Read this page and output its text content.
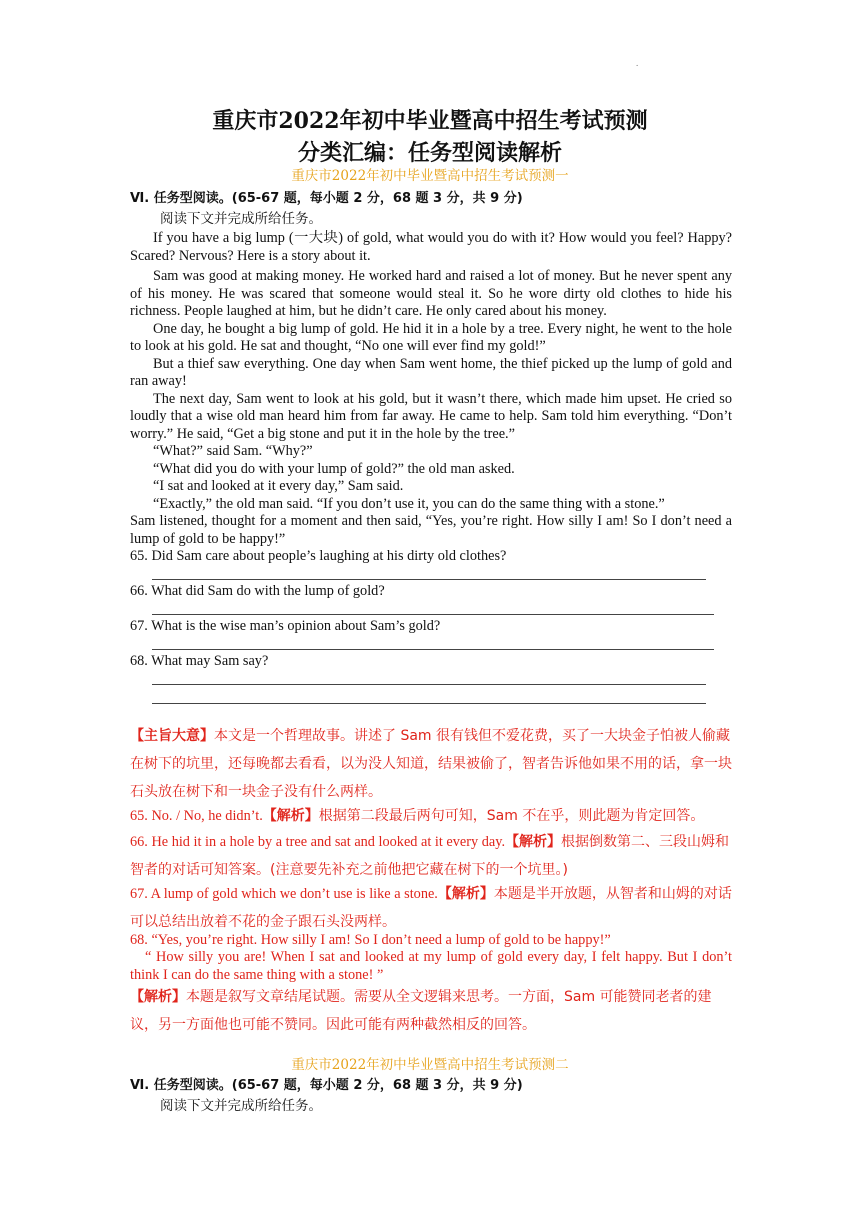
.
重庆市2022年初中毕业暨高中招生考试预测
分类汇编：任务型阅读解析
重庆市2022年初中毕业暨高中招生考试预测一
Ⅵ. 任务型阅读。(65-67 题，每小题 2 分，68 题 3 分，共 9 分)
阅读下文并完成所给任务。

If you have a big lump (一大块) of gold, what would you do with it? How would you feel? Happy? Scared? Nervous? Here is a story about it.

Sam was good at making money. He worked hard and raised a lot of money. But he never spent any of his money. He was scared that someone would steal it. So he wore dirty old clothes to hide his richness. People laughed at him, but he didn’t care. He only cared about his money.

One day, he bought a big lump of gold. He hid it in a hole by a tree. Every night, he went to the hole to look at his gold. He sat and thought, “No one will ever find my gold!”

But a thief saw everything. One day when Sam went home, the thief picked up the lump of gold and ran away!

The next day, Sam went to look at his gold, but it wasn’t there, which made him upset. He cried so loudly that a wise old man heard him from far away. He came to help. Sam told him everything. “Don’t worry.” He said, “Get a big stone and put it in the hole by the tree.”

“What?” said Sam. “Why?”

“What did you do with your lump of gold?” the old man asked.

“I sat and looked at it every day,” Sam said.

“Exactly,” the old man said. “If you don’t use it, you can do the same thing with a stone.”

Sam listened, thought for a moment and then said, “Yes, you’re right. How silly I am! So I don’t need a lump of gold to be happy!”

65. Did Sam care about people’s laughing at his dirty old clothes?
66. What did Sam do with the lump of gold?
67. What is the wise man’s opinion about Sam’s gold?
68. What may Sam say?
【主旨大意】本文是一个哲理故事。讲述了 Sam 很有钱但不爱花费，买了一大块金子怕被人偷藏在树下的坑里，还每晚都去看看，以为没人知道，结果被偷了，智者告诉他如果不用的话，拿一块石头放在树下和一块金子没有什么两样。
65. No. / No, he didn’t.【解析】根据第二段最后两句可知，Sam 不在乎，则此题为肯定回答。
66. He hid it in a hole by a tree and sat and looked at it every day.【解析】根据倒数第二、三段山姆和智者的对话可知答案。(注意要先补充之前他把它藏在树下的一个坑里。)
67. A lump of gold which we don’t use is like a stone.【解析】本题是半开放题，从智者和山姆的对话可以总结出放着不花的金子跟石头没两样。
68. “Yes, you’re right. How silly I am! So I don’t need a lump of gold to be happy!”
“ How silly you are! When I sat and looked at my lump of gold every day, I felt happy. But I don’t think I can do the same thing with a stone! ”
【解析】本题是叙写文章结尾试题。需要从全文逻辑来思考。一方面，Sam 可能赞同老者的建议，另一方面他也可能不赞同。因此可能有两种截然相反的回答。
重庆市2022年初中毕业暨高中招生考试预测二
Ⅵ. 任务型阅读。(65-67 题，每小题 2 分，68 题 3 分，共 9 分)
阅读下文并完成所给任务。
